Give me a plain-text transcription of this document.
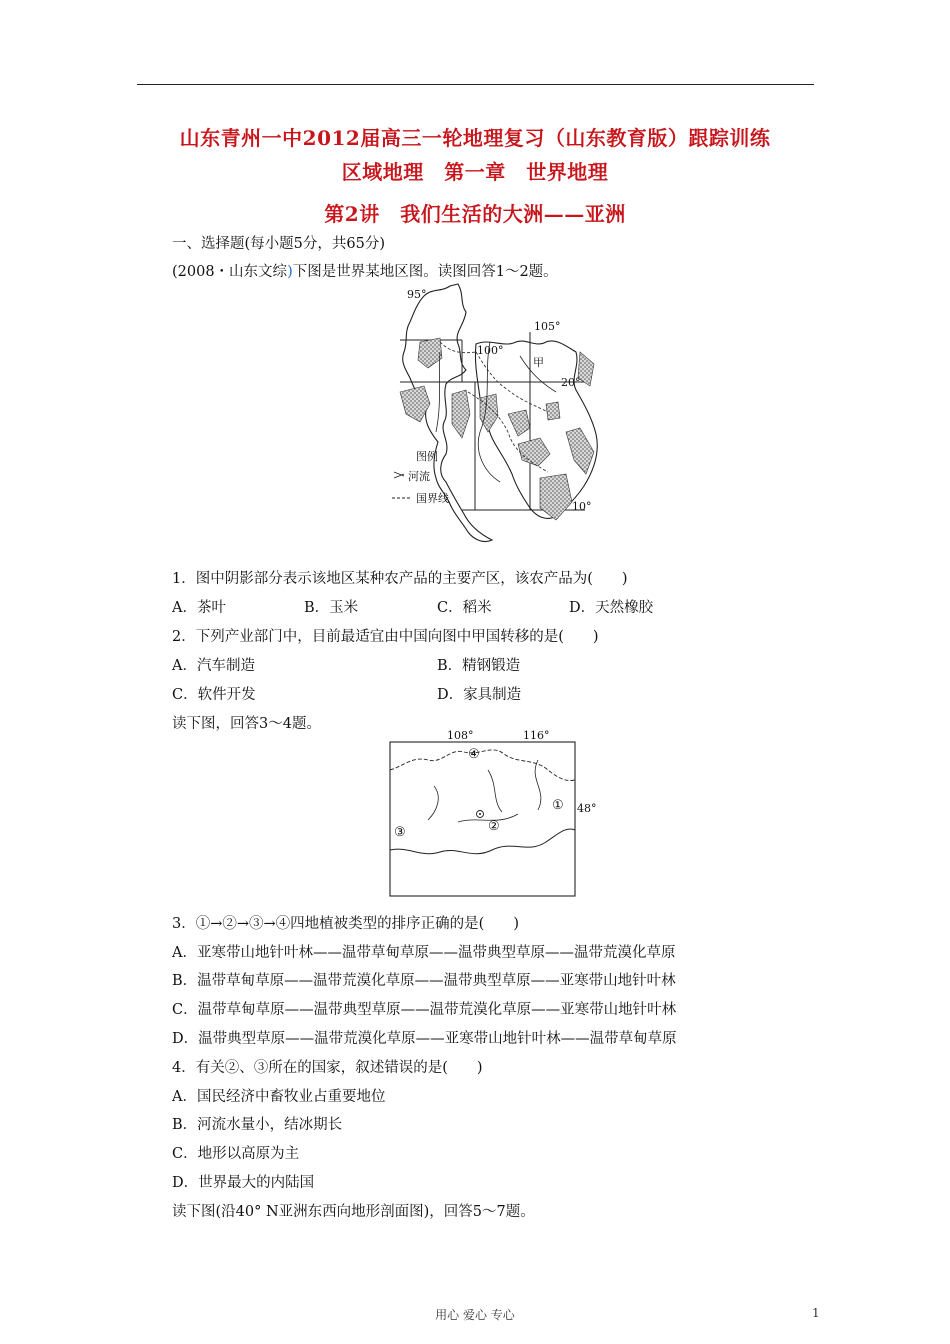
山东青州一中2012届高三一轮地理复习（山东教育版）跟踪训练
区域地理　第一章　世界地理
第2讲　我们生活的大洲——亚洲
一、选择题(每小题5分，共65分)
(2008・山东文综)下图是世界某地区图。读图回答1～2题。
95°
100°
105°
20°
10°
甲
图例
河流
国界线
1．图中阴影部分表示该地区某种农产品的主要产区，该农产品为(　　)
A．茶叶	B．玉米	C．稻米	D．天然橡胶
2．下列产业部门中，目前最适宜由中国向图中甲国转移的是(　　)
A．汽车制造	B．精钢锻造
C．软件开发	D．家具制造
读下图，回答3～4题。
108°	116°
48°
①
②
③
④
3．①→②→③→④四地植被类型的排序正确的是(　　)
A．亚寒带山地针叶林——温带草甸草原——温带典型草原——温带荒漠化草原
B．温带草甸草原——温带荒漠化草原——温带典型草原——亚寒带山地针叶林
C．温带草甸草原——温带典型草原——温带荒漠化草原——亚寒带山地针叶林
D．温带典型草原——温带荒漠化草原——亚寒带山地针叶林——温带草甸草原
4．有关②、③所在的国家，叙述错误的是(　　)
A．国民经济中畜牧业占重要地位
B．河流水量小，结冰期长
C．地形以高原为主
D．世界最大的内陆国
读下图(沿40° N亚洲东西向地形剖面图)，回答5～7题。
用心 爱心 专心	1
